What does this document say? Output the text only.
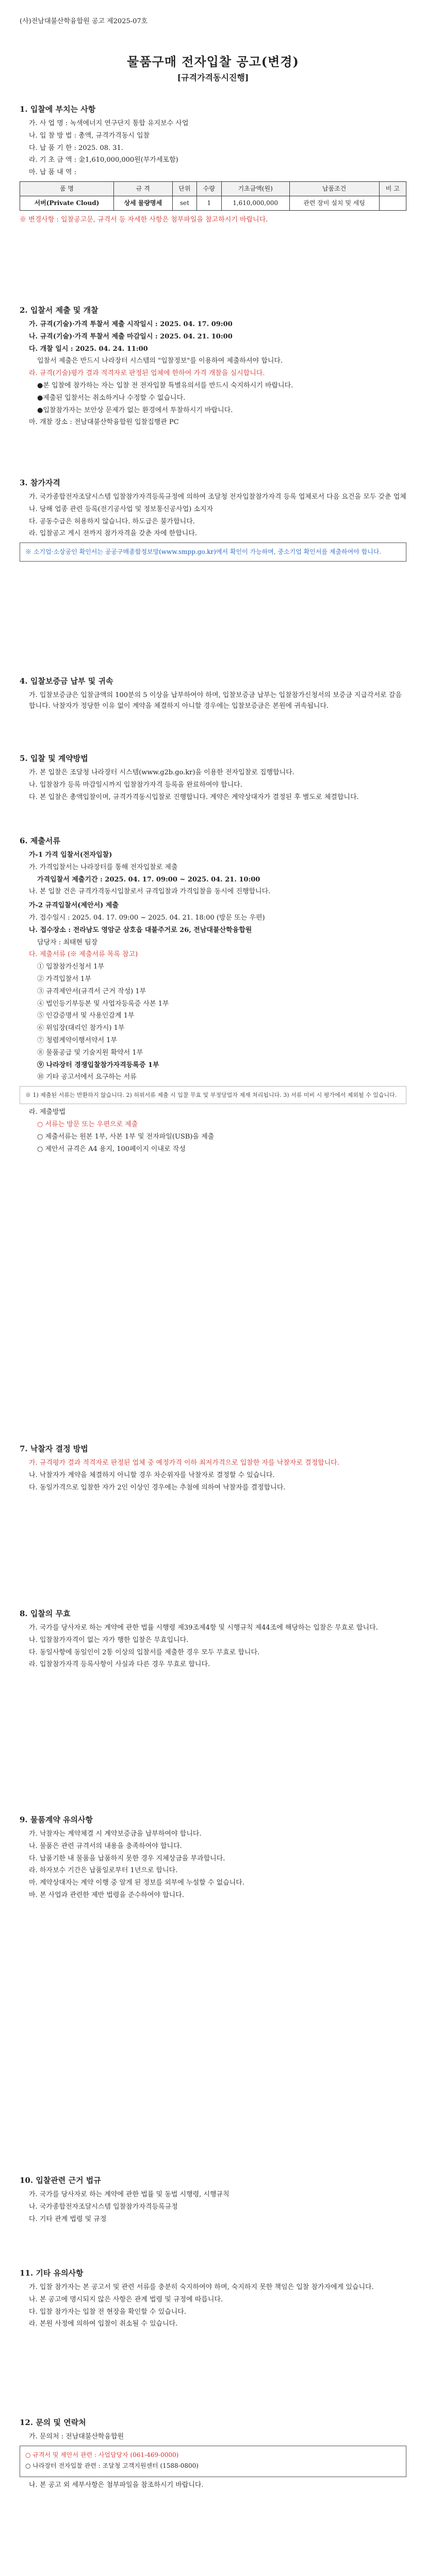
(사)전남대불산학융합원 공고 제2025-07호
물품구매 전자입찰 공고(변경)
[규격가격동시진행]
1. 입찰에 부치는 사항

가. 사 업 명 : 녹색에너지 연구단지 통합 유지보수 사업

나. 입 찰 방 법 : 총액, 규격가격동시 입찰

다. 납 품 기 한 : 2025. 08. 31.

라. 기 초 금 액 : 金1,610,000,000원(부가세포함)

마. 납 품 내 역 :

품 명	규 격	단위	수량	기초금액(원)	납품조건	비 고
서버(Private Cloud)	상세 물량명세	set	1	1,610,000,000	관련 장비 설치 및 세팅	

※ 변경사항 : 입찰공고문, 규격서 등 자세한 사항은 첨부파일을 참고하시기 바랍니다.

2. 입찰서 제출 및 개찰

가. 규격(기술)·가격 투찰서 제출 시작일시 : 2025. 04. 17. 09:00

나. 규격(기술)·가격 투찰서 제출 마감일시 : 2025. 04. 21. 10:00

다. 개찰 일시 : 2025. 04. 24. 11:00

입찰서 제출은 반드시 나라장터 시스템의 "입찰정보"를 이용하여 제출하셔야 합니다.

라. 규격(기술)평가 결과 적격자로 판정된 업체에 한하여 가격 개찰을 실시합니다.

●본 입찰에 참가하는 자는 입찰 전 전자입찰 특별유의서를 반드시 숙지하시기 바랍니다.

●제출된 입찰서는 취소하거나 수정할 수 없습니다.

●입찰참가자는 보안상 문제가 없는 환경에서 투찰하시기 바랍니다.

마. 개찰 장소 : 전남대불산학융합원 입찰집행관 PC

3. 참가자격

가. 국가종합전자조달시스템 입찰참가자격등록규정에 의하여 조달청 전자입찰참가자격 등록 업체로서 다음 요건을 모두 갖춘 업체

나. 당해 업종 관련 등록(전기공사업 및 정보통신공사업) 소지자

다. 공동수급은 허용하지 않습니다. 하도급은 불가합니다.

라. 입찰공고 게시 전까지 참가자격을 갖춘 자에 한합니다.

※ 소기업·소상공인 확인서는 공공구매종합정보망(www.smpp.go.kr)에서 확인이 가능하며, 중소기업 확인서를 제출하여야 합니다.
4. 입찰보증금 납부 및 귀속

가. 입찰보증금은 입찰금액의 100분의 5 이상을 납부하여야 하며, 입찰보증금 납부는 입찰참가신청서의 보증금 지급각서로 갈음합니다. 낙찰자가 정당한 이유 없이 계약을 체결하지 아니할 경우에는 입찰보증금은 본원에 귀속됩니다.

5. 입찰 및 계약방법

가. 본 입찰은 조달청 나라장터 시스템(www.g2b.go.kr)을 이용한 전자입찰로 집행합니다.

나. 입찰참가 등록 마감일시까지 입찰참가자격 등록을 완료하여야 합니다.

다. 본 입찰은 총액입찰이며, 규격가격동시입찰로 진행합니다. 계약은 계약상대자가 결정된 후 별도로 체결합니다.

6. 제출서류

가-1 가격 입찰서(전자입찰)

가. 가격입찰서는 나라장터를 통해 전자입찰로 제출

가격입찰서 제출기간 : 2025. 04. 17. 09:00 ~ 2025. 04. 21. 10:00

나. 본 입찰 건은 규격가격동시입찰로서 규격입찰과 가격입찰을 동시에 진행합니다.

가-2 규격입찰서(제안서) 제출

가. 접수일시 : 2025. 04. 17. 09:00 ~ 2025. 04. 21. 18:00 (방문 또는 우편)

나. 접수장소 : 전라남도 영암군 삼호읍 대불주거로 26, 전남대불산학융합원

담당자 : 최태현 팀장

다. 제출서류 (※ 제출서류 목록 참고)

① 입찰참가신청서 1부

② 가격입찰서 1부

③ 규격제안서(규격서 근거 작성) 1부

④ 법인등기부등본 및 사업자등록증 사본 1부

⑤ 인감증명서 및 사용인감계 1부

⑥ 위임장(대리인 참가시) 1부

⑦ 청렴계약이행서약서 1부

⑧ 물품공급 및 기술지원 확약서 1부

⑨ 나라장터 경쟁입찰참가자격등록증 1부

⑩ 기타 공고서에서 요구하는 서류

※ 1) 제출된 서류는 반환하지 않습니다. 2) 허위서류 제출 시 입찰 무효 및 부정당업자 제재 처리됩니다. 3) 서류 미비 시 평가에서 제외될 수 있습니다.

라. 제출방법

○ 서류는 방문 또는 우편으로 제출

○ 제출서류는 원본 1부, 사본 1부 및 전자파일(USB)을 제출

○ 제안서 규격은 A4 용지, 100페이지 이내로 작성

7. 낙찰자 결정 방법

가. 규격평가 결과 적격자로 판정된 업체 중 예정가격 이하 최저가격으로 입찰한 자를 낙찰자로 결정합니다.

나. 낙찰자가 계약을 체결하지 아니할 경우 차순위자를 낙찰자로 결정할 수 있습니다.

다. 동일가격으로 입찰한 자가 2인 이상인 경우에는 추첨에 의하여 낙찰자를 결정합니다.

8. 입찰의 무효

가. 국가를 당사자로 하는 계약에 관한 법률 시행령 제39조제4항 및 시행규칙 제44조에 해당하는 입찰은 무효로 합니다.

나. 입찰참가자격이 없는 자가 행한 입찰은 무효입니다.

다. 동일사항에 동일인이 2통 이상의 입찰서를 제출한 경우 모두 무효로 합니다.

라. 입찰참가자격 등록사항이 사실과 다른 경우 무효로 합니다.

9. 물품계약 유의사항

가. 낙찰자는 계약체결 시 계약보증금을 납부하여야 합니다.

나. 물품은 관련 규격서의 내용을 충족하여야 합니다.

다. 납품기한 내 물품을 납품하지 못한 경우 지체상금을 부과합니다.

라. 하자보수 기간은 납품일로부터 1년으로 합니다.

마. 계약상대자는 계약 이행 중 알게 된 정보를 외부에 누설할 수 없습니다.

바. 본 사업과 관련한 제반 법령을 준수하여야 합니다.

10. 입찰관련 근거 법규

가. 국가를 당사자로 하는 계약에 관한 법률 및 동법 시행령, 시행규칙

나. 국가종합전자조달시스템 입찰참가자격등록규정

다. 기타 관계 법령 및 규정

11. 기타 유의사항

가. 입찰 참가자는 본 공고서 및 관련 서류를 충분히 숙지하여야 하며, 숙지하지 못한 책임은 입찰 참가자에게 있습니다.

나. 본 공고에 명시되지 않은 사항은 관계 법령 및 규정에 따릅니다.

다. 입찰 참가자는 입찰 전 현장을 확인할 수 있습니다.

라. 본원 사정에 의하여 입찰이 취소될 수 있습니다.

12. 문의 및 연락처

가. 문의처 : 전남대불산학융합원

○ 규격서 및 제안서 관련 : 사업담당자 (061-469-0000)

○ 나라장터 전자입찰 관련 : 조달청 고객지원센터 (1588-0800)

나. 본 공고 외 세부사항은 첨부파일을 참조하시기 바랍니다.
